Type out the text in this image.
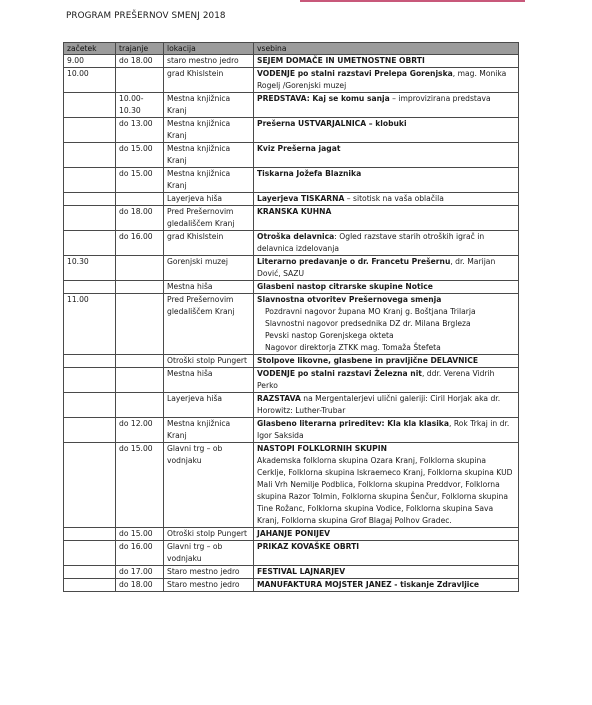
PROGRAM PREŠERNOV SMENJ 2018
začetek	trajanje	lokacija	vsebina
9.00	do 18.00	staro mestno jedro	SEJEM DOMAČE IN UMETNOSTNE OBRTI
10.00		grad Khislstein	VODENJE po stalni razstavi Prelepa Gorenjska, mag. Monika Rogelj /Gorenjski muzej
	10.00-10.30	Mestna knjižnica Kranj	PREDSTAVA: Kaj se komu sanja – improvizirana predstava
	do 13.00	Mestna knjižnica Kranj	Prešerna USTVARJALNICA – klobuki
	do 15.00	Mestna knjižnica Kranj	Kviz Prešerna jagat
	do 15.00	Mestna knjižnica Kranj	Tiskarna Jožefa Blaznika
		Layerjeva hiša	Layerjeva TISKARNA – sitotisk na vaša oblačila
	do 18.00	Pred Prešernovim gledališčem Kranj	KRANSKA KUHNA
	do 16.00	grad Khislstein	Otroška delavnica: Ogled razstave starih otroških igrač in delavnica izdelovanja
10.30		Gorenjski muzej	Literarno predavanje o dr. Francetu Prešernu, dr. Marijan Dović, SAZU
		Mestna hiša	Glasbeni nastop citrarske skupine Notice
11.00		Pred Prešernovim gledališčem Kranj	Slavnostna otvoritev Prešernovega smenja
Pozdravni nagovor župana MO Kranj g. Boštjana Trilarja
Slavnostni nagovor predsednika DZ dr. Milana Brgleza
Pevski nastop Gorenjskega okteta
Nagovor direktorja ZTKK mag. Tomaža Štefeta

		Otroški stolp Pungert	Stolpove likovne, glasbene in pravljične DELAVNICE
		Mestna hiša	VODENJE po stalni razstavi Železna nit, ddr. Verena Vidrih Perko
		Layerjeva hiša	RAZSTAVA na Mergentalerjevi ulični galeriji: Ciril Horjak aka dr. Horowitz: Luther-Trubar
	do 12.00	Mestna knjižnica Kranj	Glasbeno literarna prireditev: Kla kla klasika, Rok Trkaj in dr. Igor Saksida
	do 15.00	Glavni trg – ob vodnjaku	NASTOPI FOLKLORNIH SKUPIN
Akademska folklorna skupina Ozara Kranj, Folklorna skupina Cerklje, Folklorna skupina Iskraemeco Kranj, Folklorna skupina KUD Mali Vrh Nemilje Podblica, Folklorna skupina Preddvor, Folklorna skupina Razor Tolmin, Folklorna skupina Šenčur, Folklorna skupina Tine Rožanc, Folklorna skupina Vodice, Folklorna skupina Sava Kranj, Folklorna skupina Grof Blagaj Polhov Gradec.
	do 15.00	Otroški stolp Pungert	JAHANJE PONIJEV
	do 16.00	Glavni trg – ob vodnjaku	PRIKAZ KOVAŠKE OBRTI
	do 17.00	Staro mestno jedro	FESTIVAL LAJNARJEV
	do 18.00	Staro mestno jedro	MANUFAKTURA MOJSTER JANEZ - tiskanje Zdravljice
